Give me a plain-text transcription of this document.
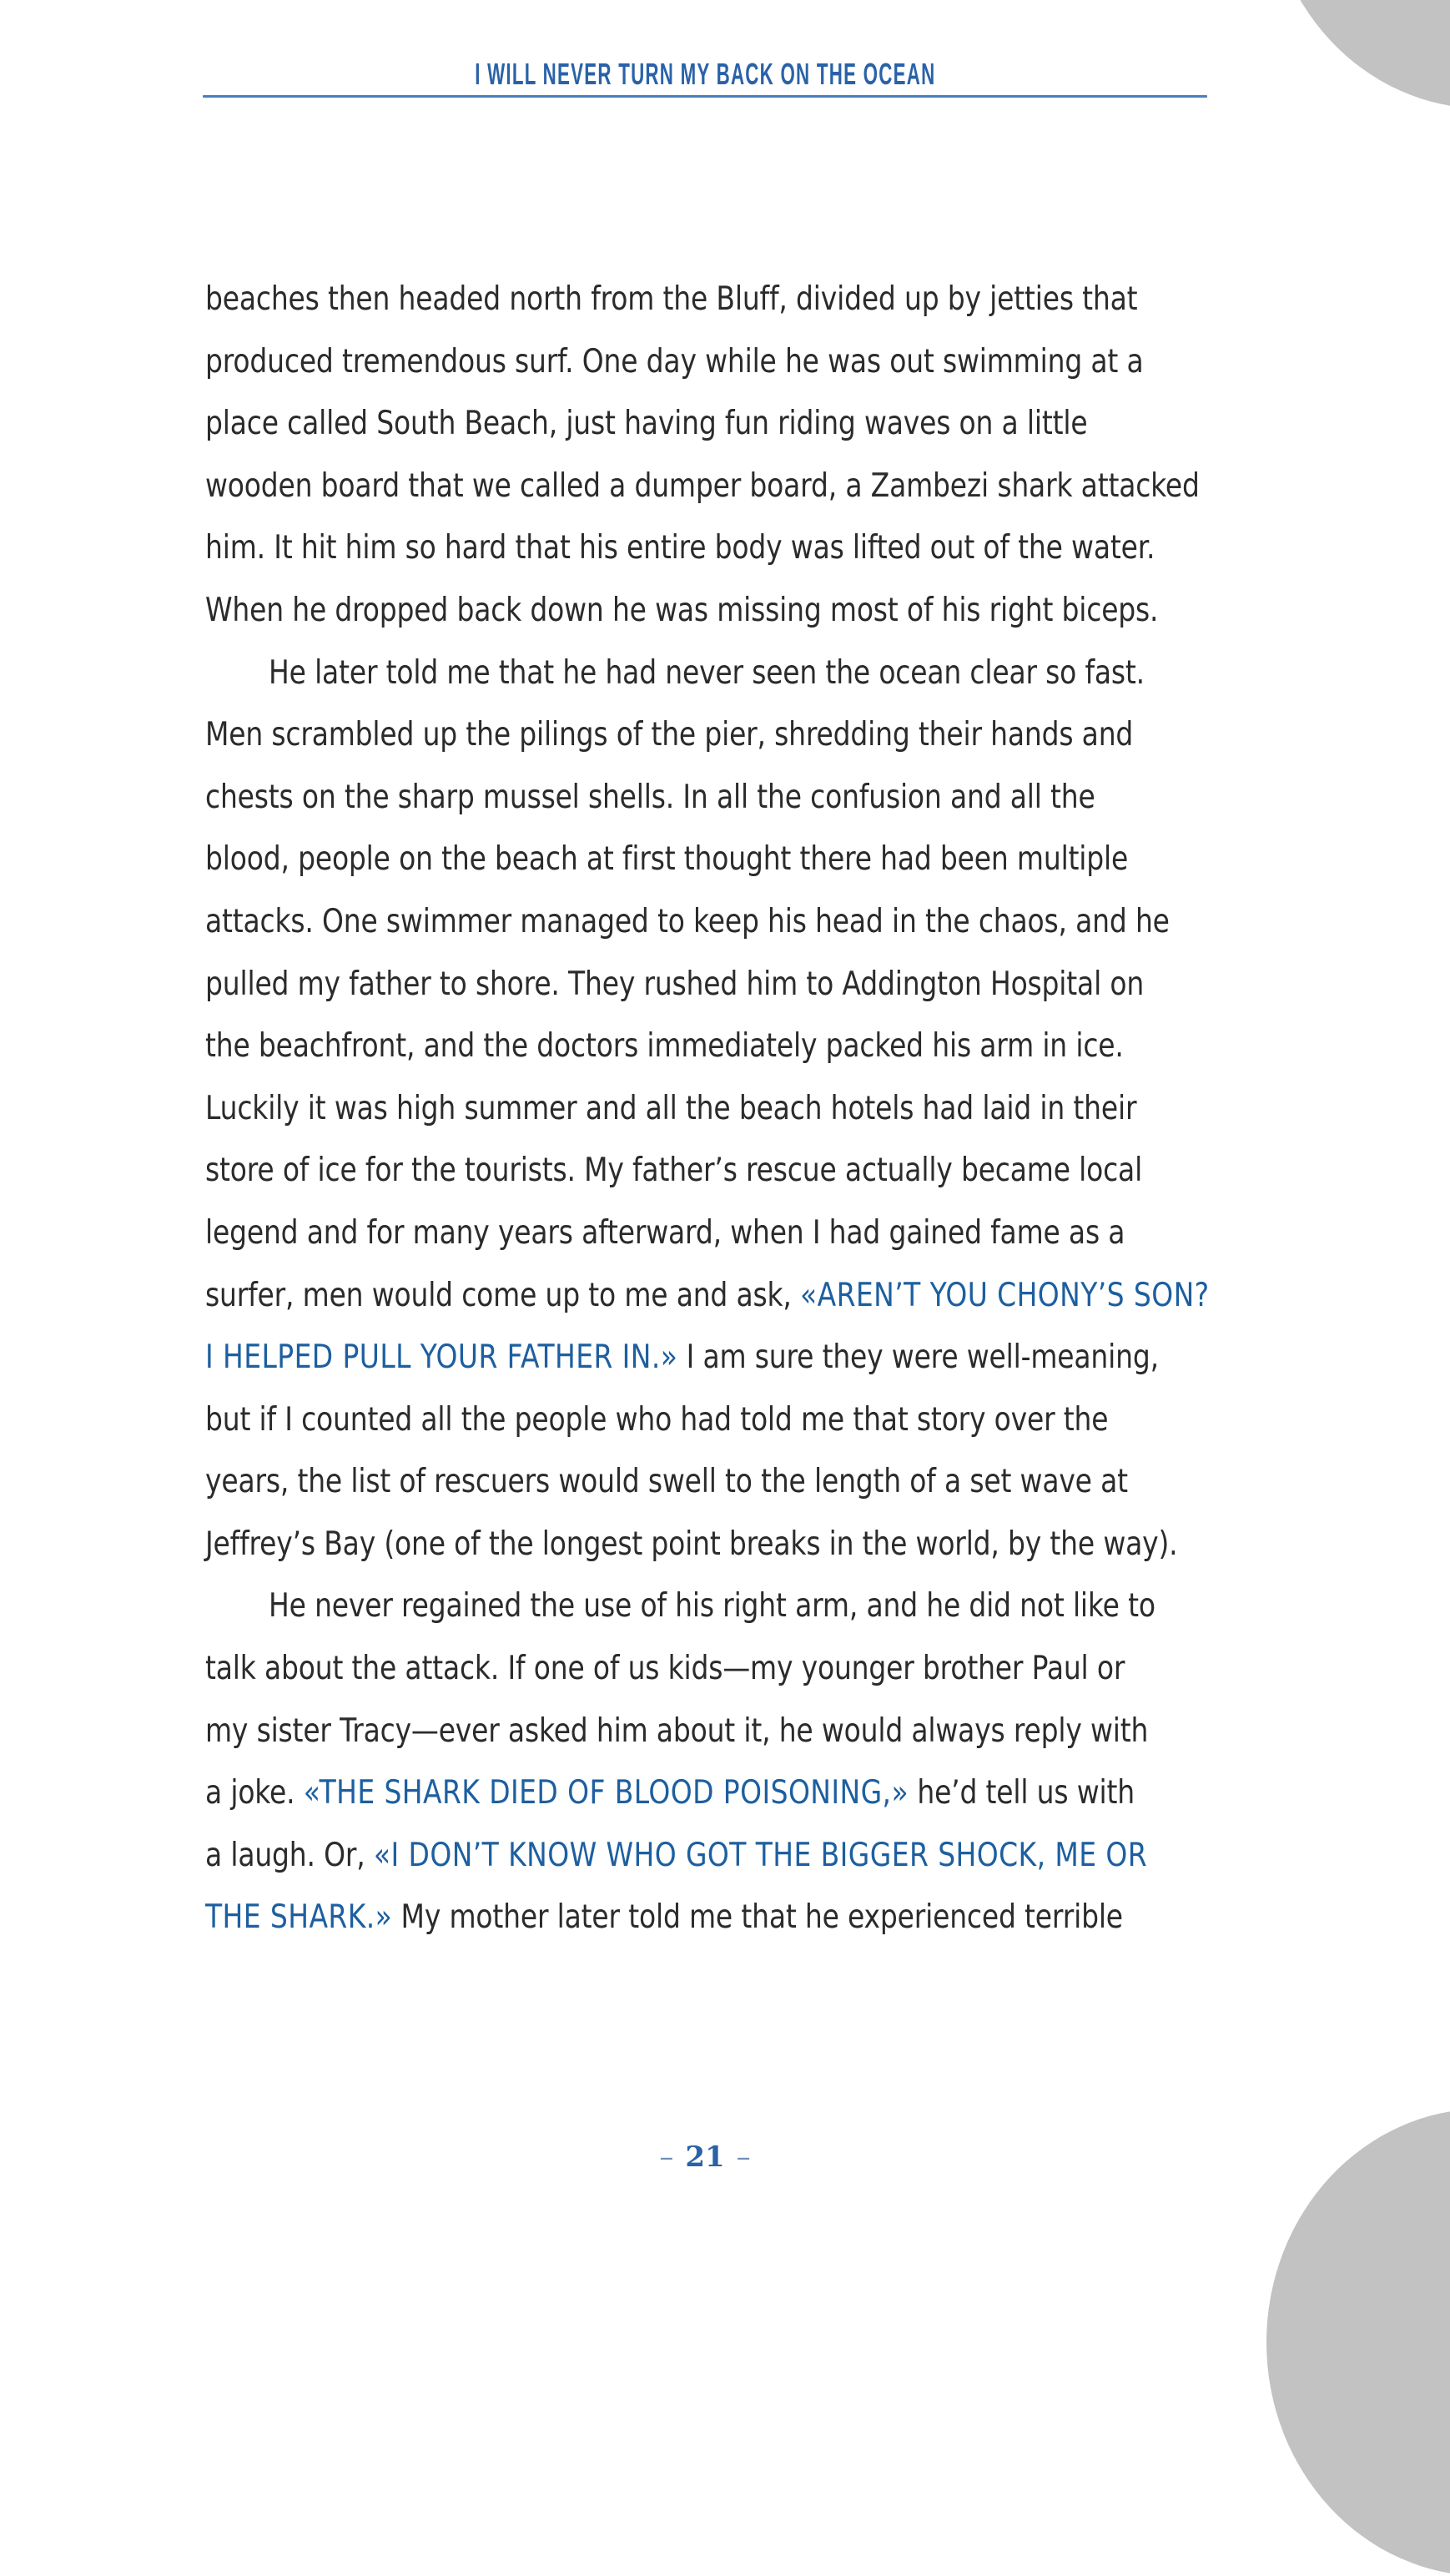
I WILL NEVER TURN MY BACK ON THE OCEAN
beaches then headed north from the Bluff, divided up by jetties that
produced tremendous surf. One day while he was out swimming at a
place called South Beach, just having fun riding waves on a little
wooden board that we called a dumper board, a Zambezi shark attacked
him. It hit him so hard that his entire body was lifted out of the water.
When he dropped back down he was missing most of his right biceps.
He later told me that he had never seen the ocean clear so fast.
Men scrambled up the pilings of the pier, shredding their hands and
chests on the sharp mussel shells. In all the confusion and all the
blood, people on the beach at first thought there had been multiple
attacks. One swimmer managed to keep his head in the chaos, and he
pulled my father to shore. They rushed him to Addington Hospital on
the beachfront, and the doctors immediately packed his arm in ice.
Luckily it was high summer and all the beach hotels had laid in their
store of ice for the tourists. My father’s rescue actually became local
legend and for many years afterward, when I had gained fame as a
surfer, men would come up to me and ask, «AREN’T YOU CHONY’S SON?
I HELPED PULL YOUR FATHER IN.» I am sure they were well-meaning,
but if I counted all the people who had told me that story over the
years, the list of rescuers would swell to the length of a set wave at
Jeffrey’s Bay (one of the longest point breaks in the world, by the way).
He never regained the use of his right arm, and he did not like to
talk about the attack. If one of us kids—my younger brother Paul or
my sister Tracy—ever asked him about it, he would always reply with
a joke. «THE SHARK DIED OF BLOOD POISONING,» he’d tell us with
a laugh. Or, «I DON’T KNOW WHO GOT THE BIGGER SHOCK, ME OR
THE SHARK.» My mother later told me that he experienced terrible
– 21 –
